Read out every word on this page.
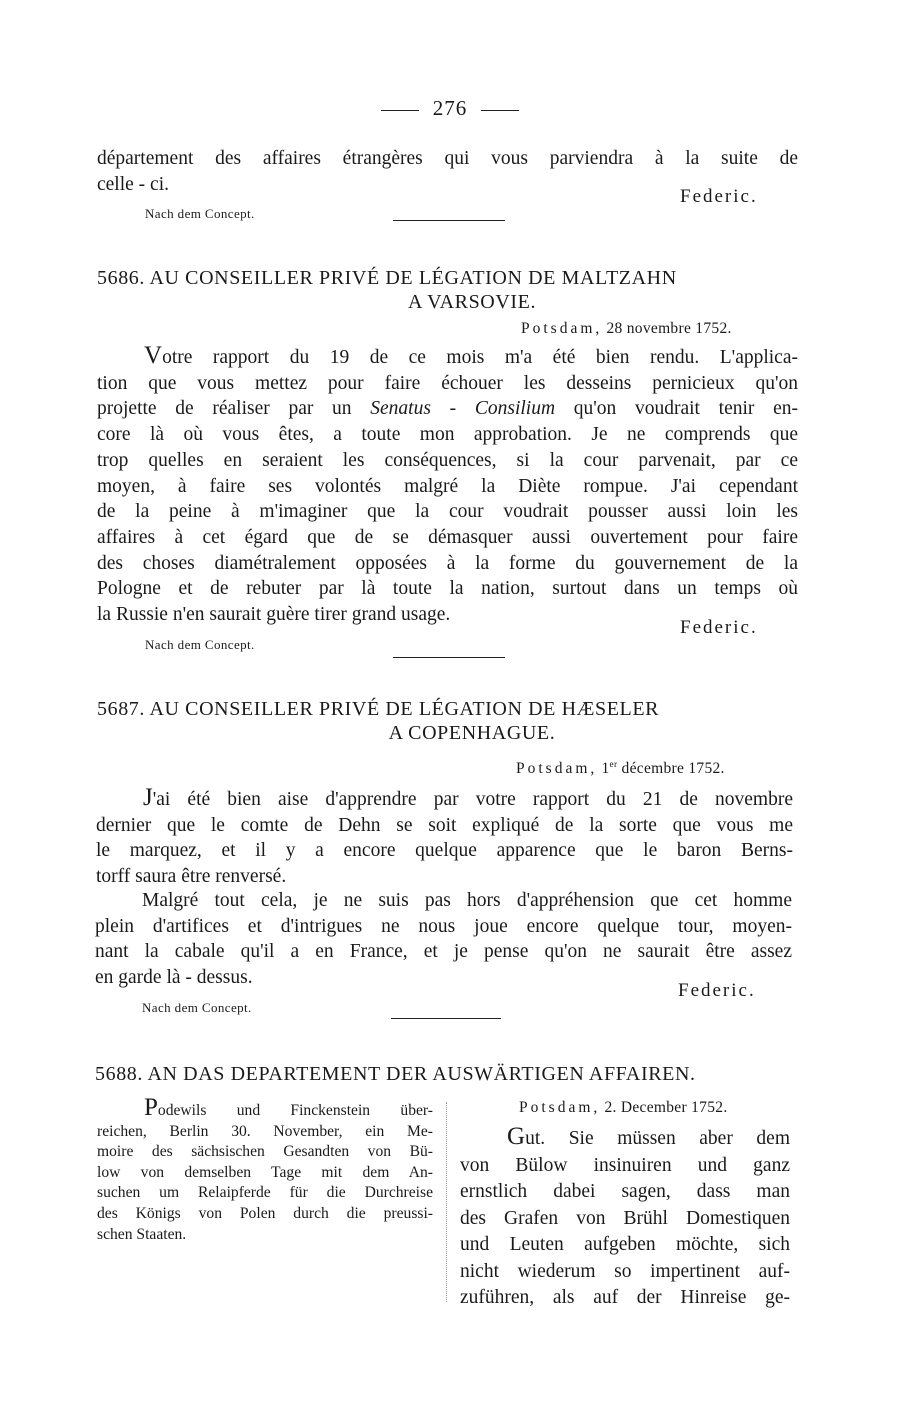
276
département des affaires étrangères qui vous parviendra à la suite de
celle - ci.
Federic.
Nach dem Concept.
5686. AU CONSEILLER PRIVÉ DE LÉGATION DE MALTZAHN
A VARSOVIE.
Potsdam, 28 novembre 1752.
Votre rapport du 19 de ce mois m'a été bien rendu. L'applica-
tion que vous mettez pour faire échouer les desseins pernicieux qu'on
projette de réaliser par un Senatus - Consilium qu'on voudrait tenir en-
core là où vous êtes, a toute mon approbation. Je ne comprends que
trop quelles en seraient les conséquences, si la cour parvenait, par ce
moyen, à faire ses volontés malgré la Diète rompue. J'ai cependant
de la peine à m'imaginer que la cour voudrait pousser aussi loin les
affaires à cet égard que de se démasquer aussi ouvertement pour faire
des choses diamétralement opposées à la forme du gouvernement de la
Pologne et de rebuter par là toute la nation, surtout dans un temps où
la Russie n'en saurait guère tirer grand usage.
Federic.
Nach dem Concept.
5687. AU CONSEILLER PRIVÉ DE LÉGATION DE HÆSELER
A COPENHAGUE.
Potsdam, 1er décembre 1752.
J'ai été bien aise d'apprendre par votre rapport du 21 de novembre
dernier que le comte de Dehn se soit expliqué de la sorte que vous me
le marquez, et il y a encore quelque apparence que le baron Berns-
torff saura être renversé.
Malgré tout cela, je ne suis pas hors d'appréhension que cet homme
plein d'artifices et d'intrigues ne nous joue encore quelque tour, moyen-
nant la cabale qu'il a en France, et je pense qu'on ne saurait être assez
en garde là - dessus.
Federic.
Nach dem Concept.
5688. AN DAS DEPARTEMENT DER AUSWÄRTIGEN AFFAIREN.
Podewils und Finckenstein über-
reichen, Berlin 30. November, ein Me-
moire des sächsischen Gesandten von Bü-
low von demselben Tage mit dem An-
suchen um Relaipferde für die Durchreise
des Königs von Polen durch die preussi-
schen Staaten.
Potsdam, 2. December 1752.
Gut. Sie müssen aber dem
von Bülow insinuiren und ganz
ernstlich dabei sagen, dass man
des Grafen von Brühl Domestiquen
und Leuten aufgeben möchte, sich
nicht wiederum so impertinent auf-
zuführen, als auf der Hinreise ge-
